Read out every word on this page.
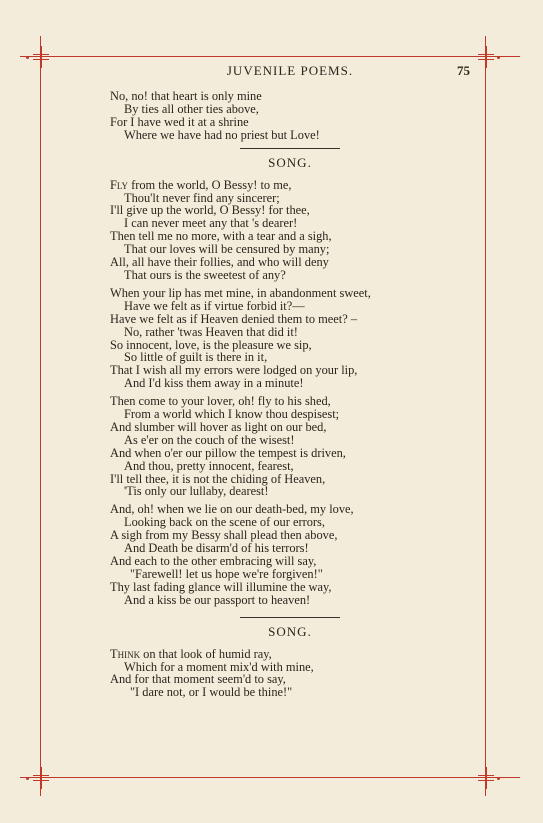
JUVENILE POEMS.	75
No, no! that heart is only mine
By ties all other ties above,
For I have wed it at a shrine
Where we have had no priest but Love!
SONG.
Fly from the world, O Bessy! to me,
Thou'lt never find any sincerer;
I'll give up the world, O Bessy! for thee,
I can never meet any that 's dearer!
Then tell me no more, with a tear and a sigh,
That our loves will be censured by many;
All, all have their follies, and who will deny
That ours is the sweetest of any?
When your lip has met mine, in abandonment sweet,
Have we felt as if virtue forbid it?—
Have we felt as if Heaven denied them to meet? –
No, rather 'twas Heaven that did it!
So innocent, love, is the pleasure we sip,
So little of guilt is there in it,
That I wish all my errors were lodged on your lip,
And I'd kiss them away in a minute!
Then come to your lover, oh! fly to his shed,
From a world which I know thou despisest;
And slumber will hover as light on our bed,
As e'er on the couch of the wisest!
And when o'er our pillow the tempest is driven,
And thou, pretty innocent, fearest,
I'll tell thee, it is not the chiding of Heaven,
'Tis only our lullaby, dearest!
And, oh! when we lie on our death-bed, my love,
Looking back on the scene of our errors,
A sigh from my Bessy shall plead then above,
And Death be disarm'd of his terrors!
And each to the other embracing will say,
"Farewell! let us hope we're forgiven!"
Thy last fading glance will illumine the way,
And a kiss be our passport to heaven!
SONG.
Think on that look of humid ray,
Which for a moment mix'd with mine,
And for that moment seem'd to say,
"I dare not, or I would be thine!"
